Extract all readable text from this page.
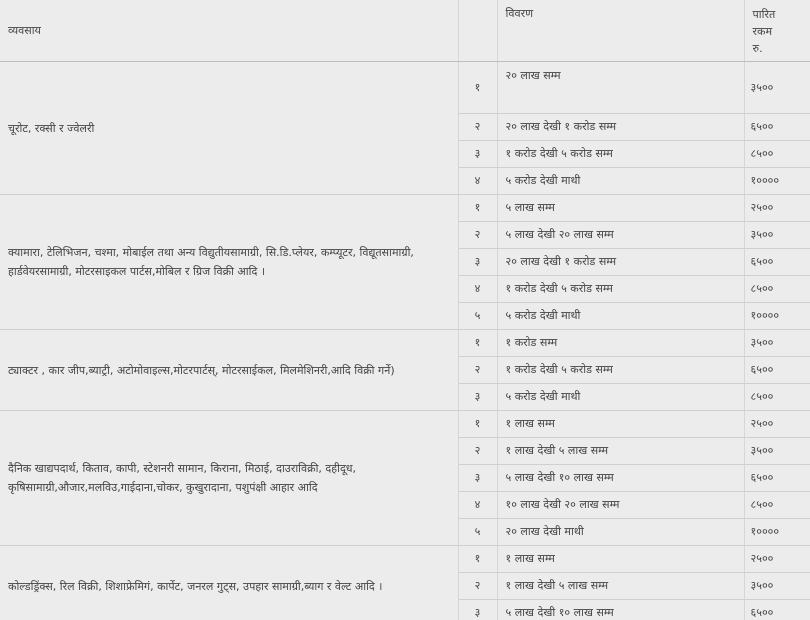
व्यवसाय		विवरण	पारित
रकम
रु.

चूरोट, रक्सी र ज्वेलरी	१	२० लाख सम्म	३५००
	२	२० लाख देखी १ करोड सम्म	६५००
	३	१ करोड देखी ५ करोड सम्म	८५००
	४	५ करोड देखी माथी	१००००
क्यामारा, टेलिभिजन, चश्मा, मोबाईल तथा अन्य विद्युतीयसामाग्री, सि.डि.प्लेयर, कम्प्यूटर, विद्यूतसामाग्री, हार्डवेयरसामाग्री, मोटरसाइकल पार्टस,मोबिल र ग्रिज विक्री आदि ।	१	५ लाख सम्म	२५००
	२	५ लाख देखी २० लाख सम्म	३५००
	३	२० लाख देखी १ करोड सम्म	६५००
	४	१ करोड देखी ५ करोड सम्म	८५००
	५	५ करोड देखी माथी	१००००
ट्याक्टर , कार जीप,ब्याट्री, अटोमोवाइल्स,मोटरपार्टस्, मोटरसाईकल, मिलमेशिनरी,आदि विक्री गर्ने)	१	१ करोड सम्म	३५००
	२	१ करोड देखी ५ करोड सम्म	६५००
	३	५ करोड देखी माथी	८५००
दैनिक खाद्यपदार्थ, किताव, कापी, स्टेशनरी सामान, किराना, मिठाई, दाउराविक्री, दहीदूध, कृषिसामाग्री,औजार,मलविउ,गाईदाना,चोकर, कुखुरादाना, पशुपंक्षी आहार आदि	१	१ लाख सम्म	२५००
	२	१ लाख देखी ५ लाख सम्म	३५००
	३	५ लाख देखी १० लाख सम्म	६५००
	४	१० लाख देखी २० लाख सम्म	८५००
	५	२० लाख देखी माथी	१००००
कोल्डड्रिंक्स, रिल विक्री, शिशाफ्रेमिगं, कार्पेट, जनरल गुट्स, उपहार सामाग्री,ब्याग र वेल्ट आदि ।	१	१ लाख सम्म	२५००
	२	१ लाख देखी ५ लाख सम्म	३५००
	३	५ लाख देखी १० लाख सम्म	६५००
